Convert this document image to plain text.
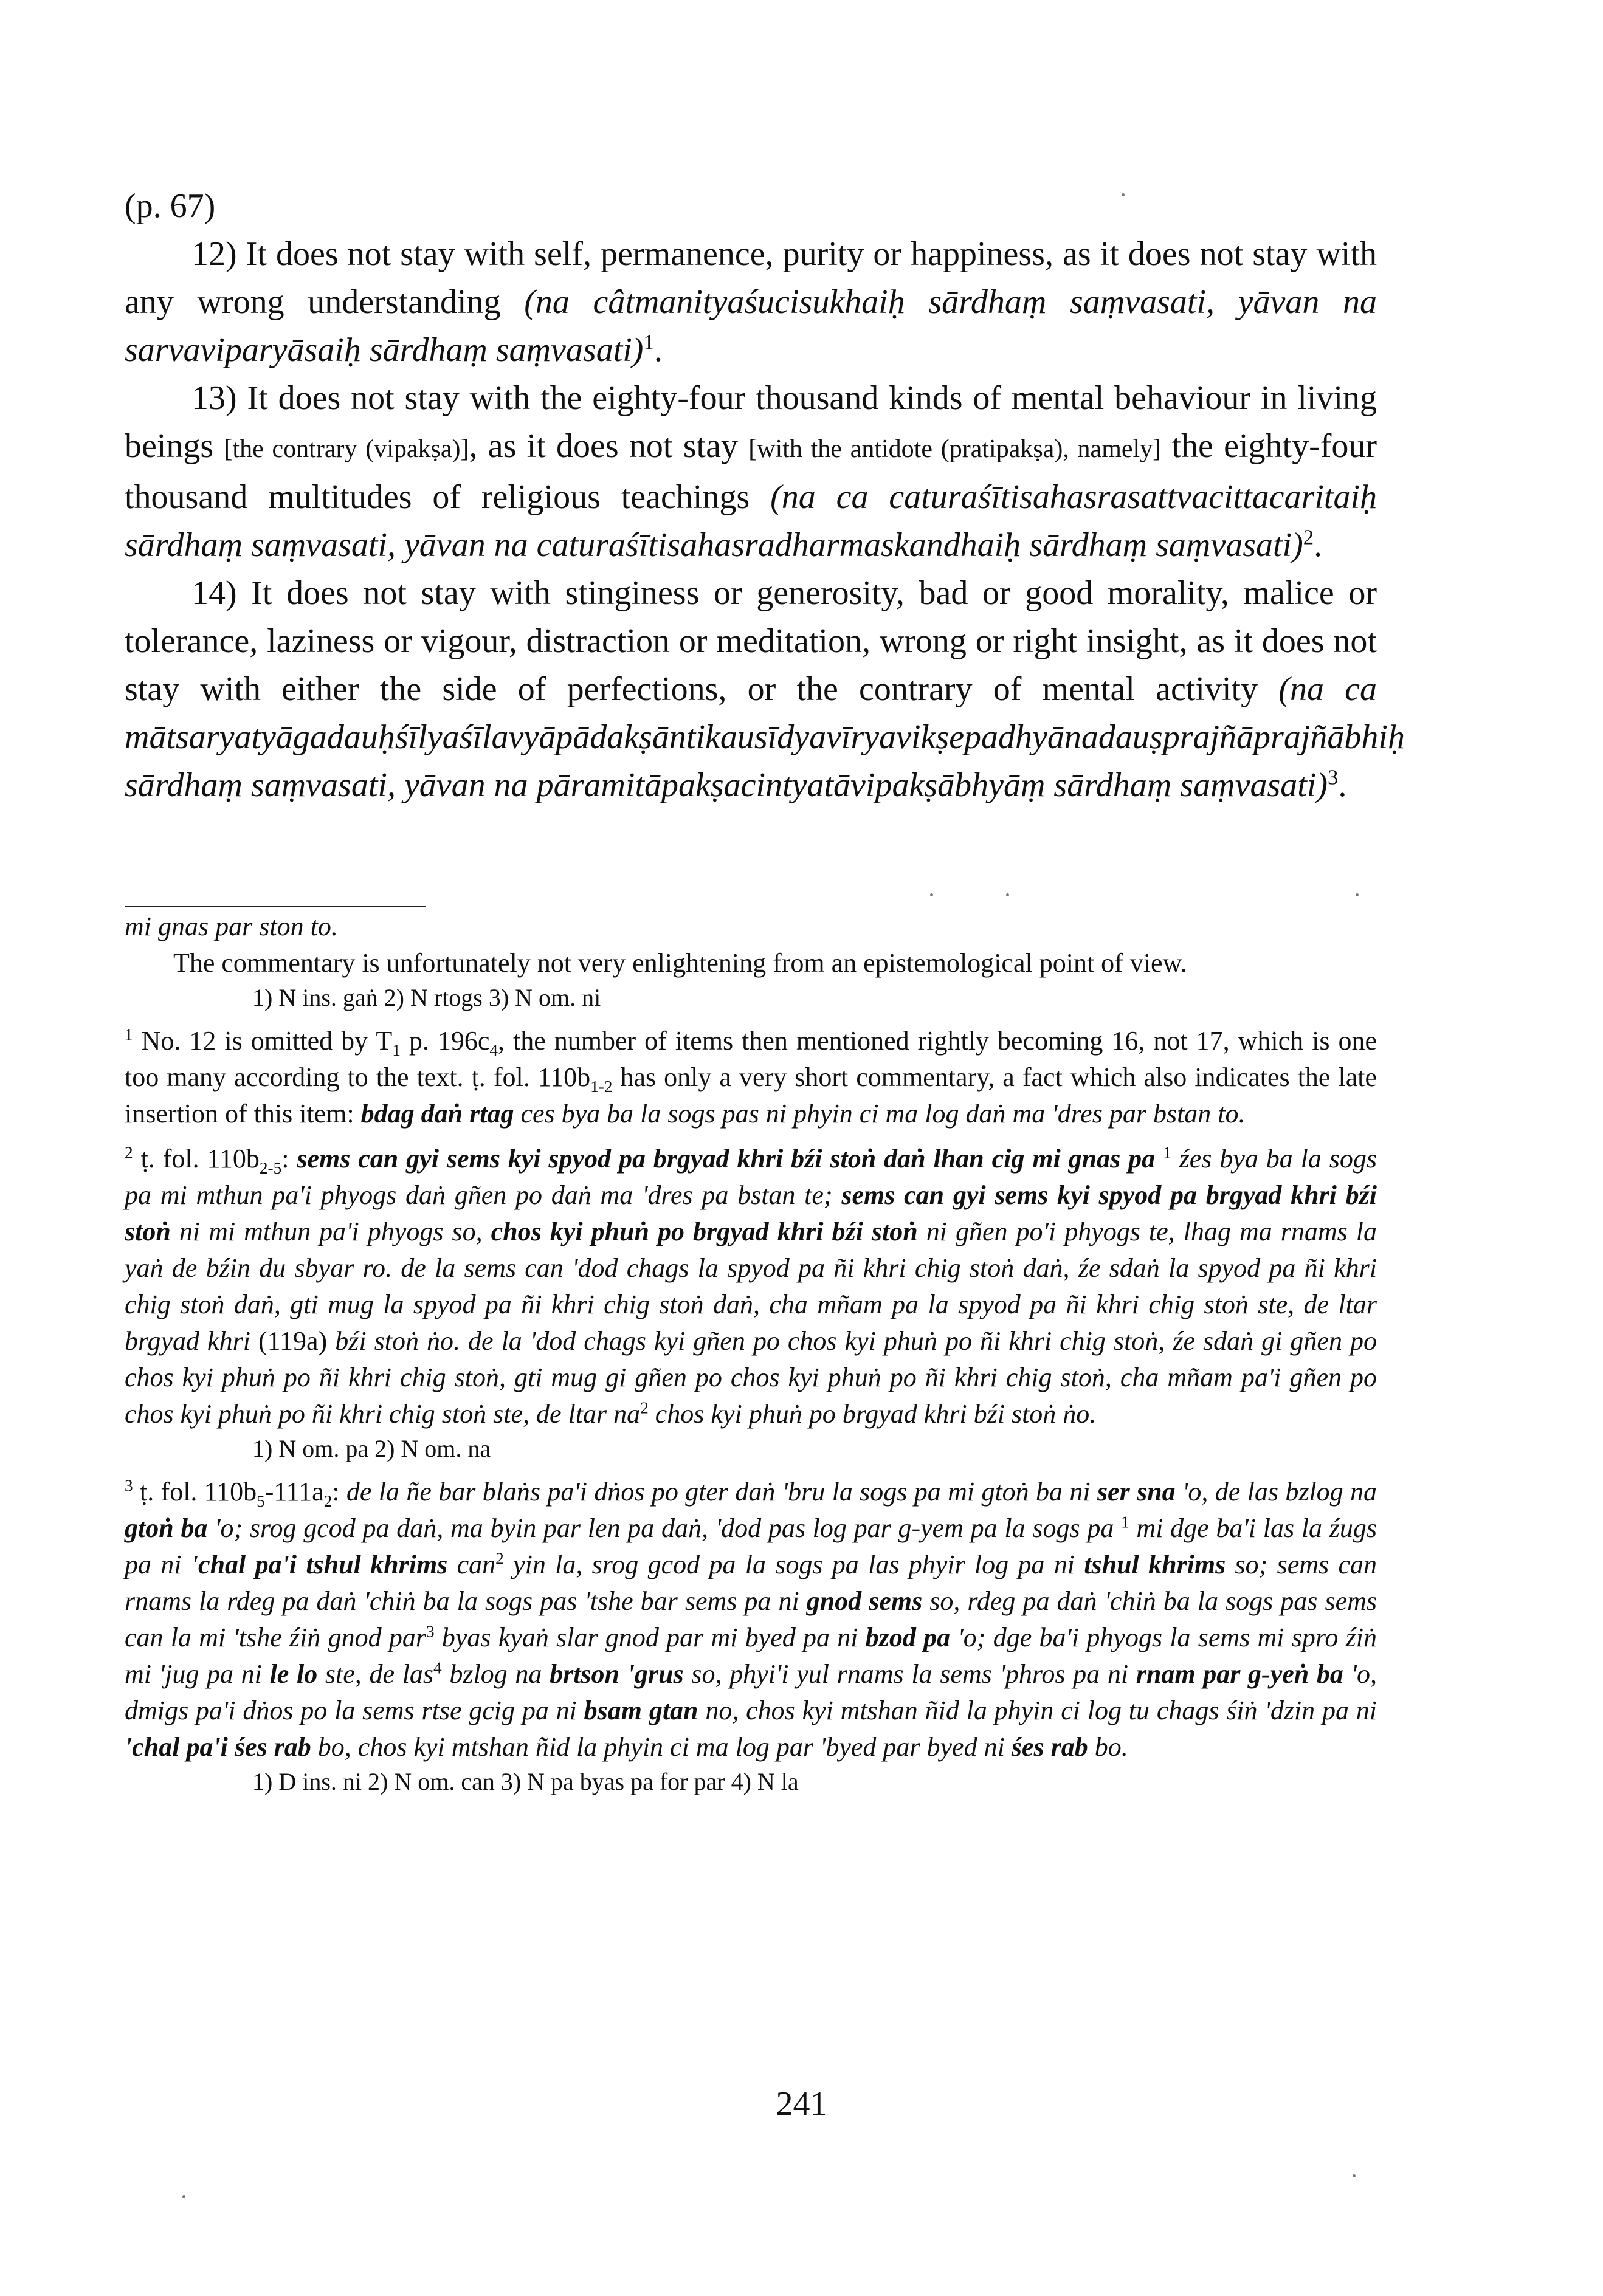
(p. 67)

12) It does not stay with self, permanence, purity or happiness, as it does not stay with any wrong understanding (na câtmanityaśucisukhaiḥ sārdhaṃ saṃvasati, yāvan na sarvaviparyāsaiḥ sārdhaṃ saṃvasati)$^1$.

13) It does not stay with the eighty-four thousand kinds of mental behaviour in living beings [the contrary (vipakṣa)], as it does not stay [with the antidote (pratipakṣa), namely] the eighty-four thousand multitudes of religious teachings (na ca caturaśītisahasrasattvacittacaritaiḥ sārdhaṃ saṃvasati, yāvan na caturaśītisahasradharmaskandhaiḥ sārdhaṃ saṃvasati)$^2$.

14) It does not stay with stinginess or generosity, bad or good morality, malice or tolerance, laziness or vigour, distraction or meditation, wrong or right insight, as it does not stay with either the side of perfections, or the contrary of mental activity (na ca mātsaryatyāgadauḥśīlyaśīlavyāpādakṣāntikausīdyavīryavikṣepadhyānadauṣprajñāprajñābhiḥ sārdhaṃ saṃvasati, yāvan na pāramitāpakṣacintyatāvipakṣābhyāṃ sārdhaṃ saṃvasati)$^3$.

mi gnas par ston to.

The commentary is unfortunately not very enlightening from an epistemological point of view.

1) N ins. gaṅ 2) N rtogs 3) N om. ni

$^1$ No. 12 is omitted by $T_1$ p. $196c_4$, the number of items then mentioned rightly becoming 16, not 17, which is one too many according to the text. ṭ. fol. $110b_{1-2}$ has only a very short commentary, a fact which also indicates the late insertion of this item: bdag daṅ rtag ces bya ba la sogs pas ni phyin ci ma log daṅ ma 'dres par bstan to.

$^2$ ṭ. fol. $110b_{2-5}$: sems can gyi sems kyi spyod pa brgyad khri bźi stoṅ daṅ lhan cig mi gnas pa $^1$ źes bya ba la sogs pa mi mthun pa'i phyogs daṅ gñen po daṅ ma 'dres pa bstan te; sems can gyi sems kyi spyod pa brgyad khri bźi stoṅ ni mi mthun pa'i phyogs so, chos kyi phuṅ po brgyad khri bźi stoṅ ni gñen po'i phyogs te, lhag ma rnams la yaṅ de bźin du sbyar ro. de la sems can 'dod chags la spyod pa ñi khri chig stoṅ daṅ, źe sdaṅ la spyod pa ñi khri chig stoṅ daṅ, gti mug la spyod pa ñi khri chig stoṅ daṅ, cha mñam pa la spyod pa ñi khri chig stoṅ ste, de ltar brgyad khri (119a) bźi stoṅ ṅo. de la 'dod chags kyi gñen po chos kyi phuṅ po ñi khri chig stoṅ, źe sdaṅ gi gñen po chos kyi phuṅ po ñi khri chig stoṅ, gti mug gi gñen po chos kyi phuṅ po ñi khri chig stoṅ, cha mñam pa'i gñen po chos kyi phuṅ po ñi khri chig stoṅ ste, de ltar $na^2$ chos kyi phuṅ po brgyad khri bźi stoṅ ṅo.

1) N om. pa 2) N om. na

$^3$ ṭ. fol. $110b_5-111a_2$: de la ñe bar blaṅs pa'i dṅos po gter daṅ 'bru la sogs pa mi gtoṅ ba ni ser sna 'o, de las bzlog na gtoṅ ba 'o; srog gcod pa daṅ, ma byin par len pa daṅ, 'dod pas log par g-yem pa la sogs pa $^1$ mi dge ba'i las la źugs pa ni 'chal pa'i tshul khrims can$^2$ yin la, srog gcod pa la sogs pa las phyir log pa ni tshul khrims so; sems can rnams la rdeg pa daṅ 'chiṅ ba la sogs pas 'tshe bar sems pa ni gnod sems so, rdeg pa daṅ 'chiṅ ba la sogs pas sems can la mi 'tshe źiṅ gnod par$^3$ byas kyaṅ slar gnod par mi byed pa ni bzod pa 'o; dge ba'i phyogs la sems mi spro źiṅ mi 'jug pa ni le lo ste, de las$^4$ bzlog na brtson 'grus so, phyi'i yul rnams la sems 'phros pa ni rnam par g-yeṅ ba 'o, dmigs pa'i dṅos po la sems rtse gcig pa ni bsam gtan no, chos kyi mtshan ñid la phyin ci log tu chags śiṅ 'dzin pa ni 'chal pa'i śes rab bo, chos kyi mtshan ñid la phyin ci ma log par 'byed par byed ni śes rab bo.

1) D ins. ni 2) N om. can 3) N pa byas pa for par 4) N la

241
